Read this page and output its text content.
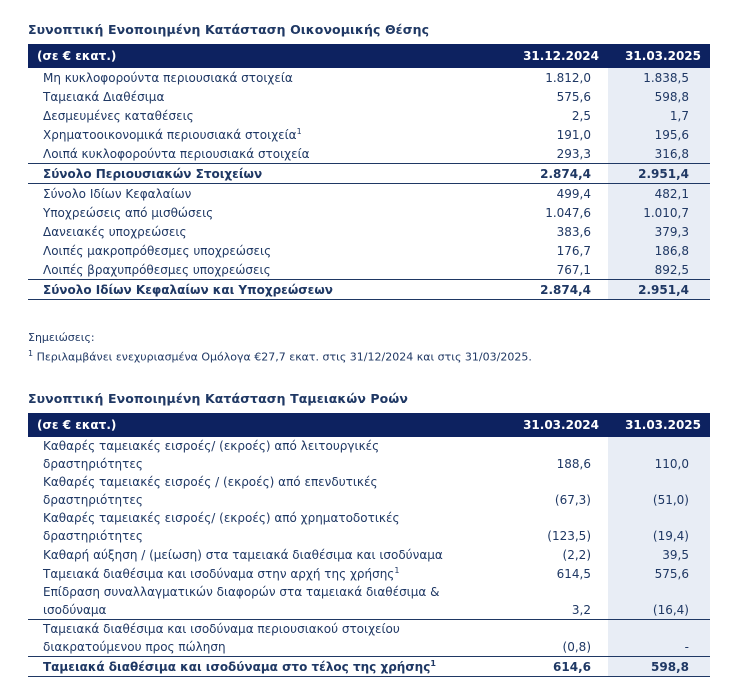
Συνοπτική Ενοποιημένη Κατάσταση Οικονομικής Θέσης
(σε € εκατ.)	31.12.2024	31.03.2025
Μη κυκλοφορούντα περιουσιακά στοιχεία	1.812,0	1.838,5
Ταμειακά Διαθέσιμα	575,6	598,8
Δεσμευμένες καταθέσεις	2,5	1,7
Χρηματοοικονομικά περιουσιακά στοιχεία$^1$	191,0	195,6
Λοιπά κυκλοφορούντα περιουσιακά στοιχεία	293,3	316,8
Σύνολο Περιουσιακών Στοιχείων	2.874,4	2.951,4
Σύνολο Ιδίων Κεφαλαίων	499,4	482,1
Υποχρεώσεις από μισθώσεις	1.047,6	1.010,7
Δανειακές υποχρεώσεις	383,6	379,3
Λοιπές μακροπρόθεσμες υποχρεώσεις	176,7	186,8
Λοιπές βραχυπρόθεσμες υποχρεώσεις	767,1	892,5
Σύνολο Ιδίων Κεφαλαίων και Υποχρεώσεων	2.874,4	2.951,4
Σημειώσεις:
$^1$ Περιλαμβάνει ενεχυριασμένα Ομόλογα €27,7 εκατ. στις 31/12/2024 και στις 31/03/2025.
Συνοπτική Ενοποιημένη Κατάσταση Ταμειακών Ροών
(σε € εκατ.)	31.03.2024	31.03.2025
Καθαρές ταμειακές εισροές/ (εκροές) από λειτουργικές δραστηριότητες	188,6	110,0
Καθαρές ταμειακές εισροές / (εκροές) από επενδυτικές δραστηριότητες	(67,3)	(51,0)
Καθαρές ταμειακές εισροές/ (εκροές) από χρηματοδοτικές δραστηριότητες	(123,5)	(19,4)
Καθαρή αύξηση / (μείωση) στα ταμειακά διαθέσιμα και ισοδύναμα	(2,2)	39,5
Ταμειακά διαθέσιμα και ισοδύναμα στην αρχή της χρήσης$^1$	614,5	575,6
Επίδραση συναλλαγματικών διαφορών στα ταμειακά διαθέσιμα & ισοδύναμα	3,2	(16,4)
Ταμειακά διαθέσιμα και ισοδύναμα περιουσιακού στοιχείου διακρατούμενου προς πώληση	(0,8)	-
Ταμειακά διαθέσιμα και ισοδύναμα στο τέλος της χρήσης$^1$	614,6	598,8
